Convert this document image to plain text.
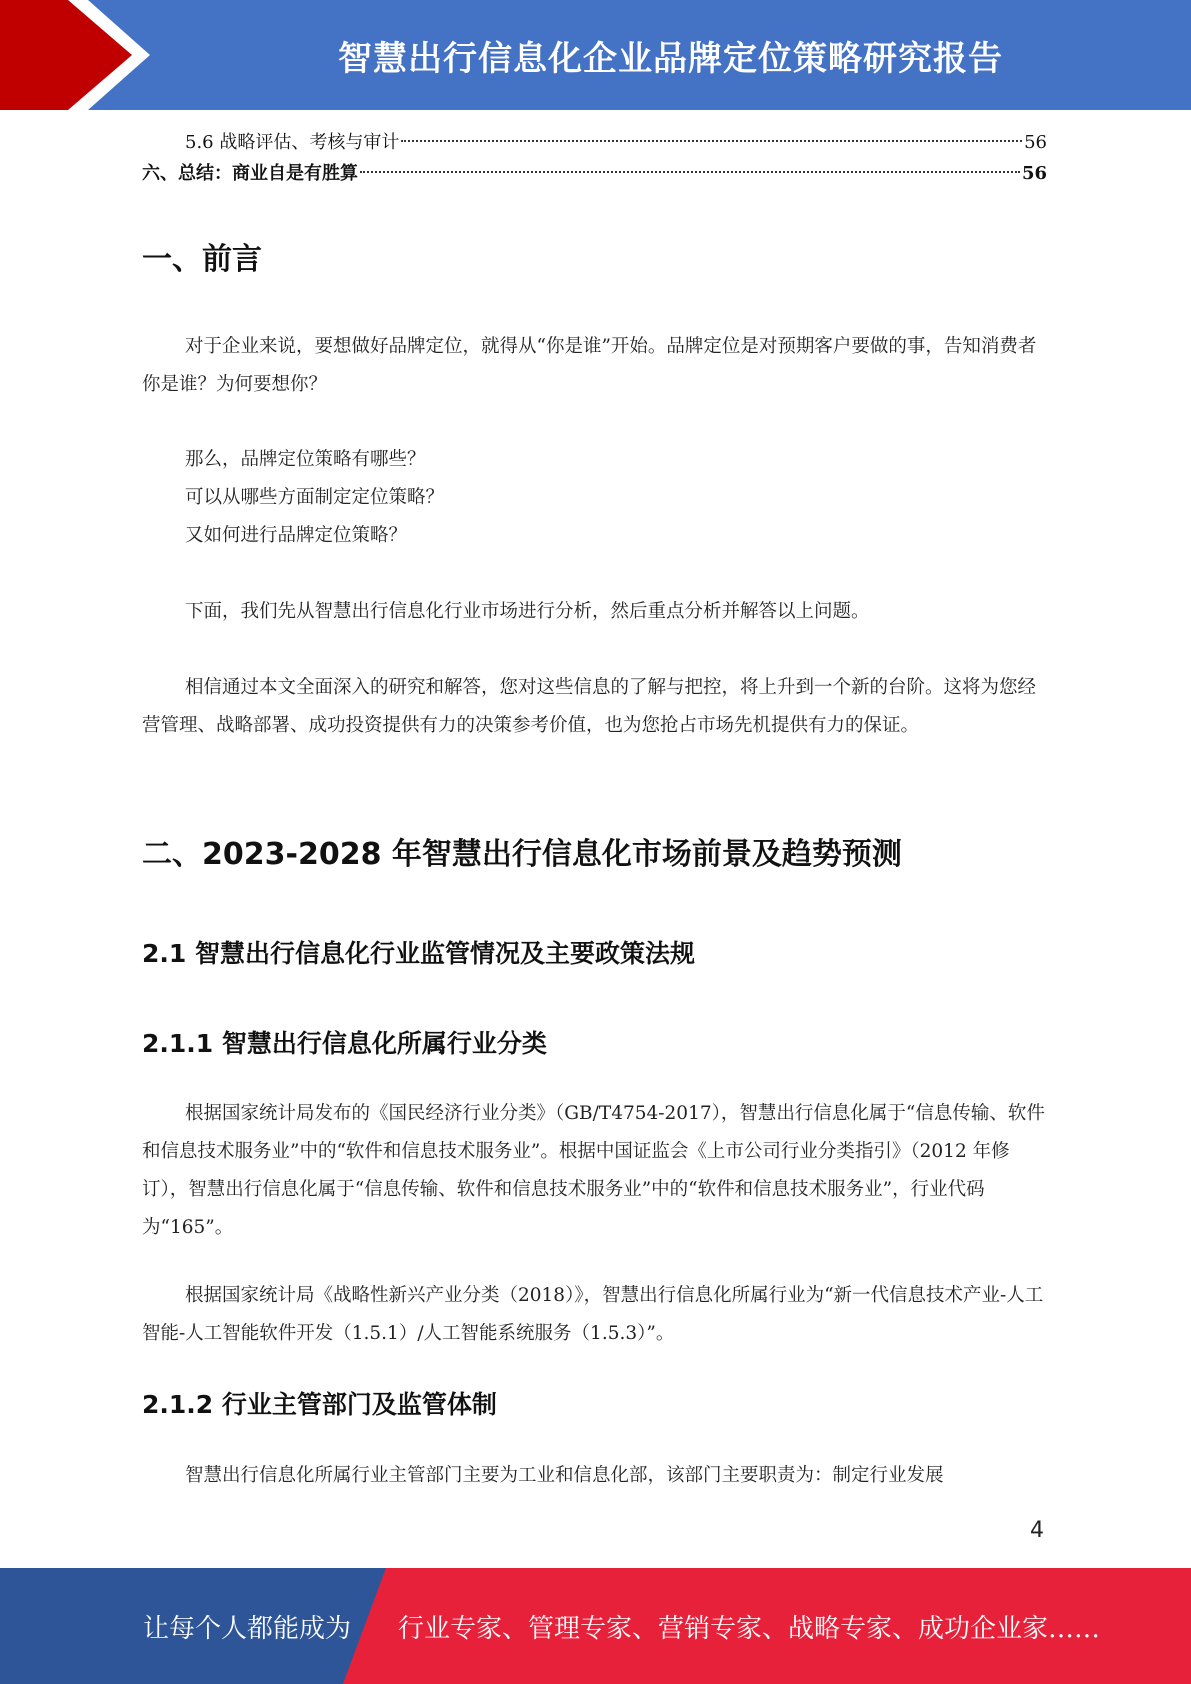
智慧出行信息化企业品牌定位策略研究报告
5.6 战略评估、考核与审计	56
六、总结：商业自是有胜算	56
一、前言

对于企业来说，要想做好品牌定位，就得从“你是谁”开始。品牌定位是对预期客户要做的事，告知消费者你是谁？为何要想你？

那么，品牌定位策略有哪些？
可以从哪些方面制定定位策略？
又如何进行品牌定位策略？

下面，我们先从智慧出行信息化行业市场进行分析，然后重点分析并解答以上问题。

相信通过本文全面深入的研究和解答，您对这些信息的了解与把控，将上升到一个新的台阶。这将为您经营管理、战略部署、成功投资提供有力的决策参考价值，也为您抢占市场先机提供有力的保证。

二、2023-2028 年智慧出行信息化市场前景及趋势预测
2.1 智慧出行信息化行业监管情况及主要政策法规
2.1.1 智慧出行信息化所属行业分类

根据国家统计局发布的《国民经济行业分类》（GB/T4754-2017），智慧出行信息化属于“信息传输、软件和信息技术服务业”中的“软件和信息技术服务业”。根据中国证监会《上市公司行业分类指引》（2012 年修订），智慧出行信息化属于“信息传输、软件和信息技术服务业”中的“软件和信息技术服务业”，行业代码为“165”。

根据国家统计局《战略性新兴产业分类（2018）》，智慧出行信息化所属行业为“新一代信息技术产业-人工智能-人工智能软件开发（1.5.1）/人工智能系统服务（1.5.3）”。

2.1.2 行业主管部门及监管体制

智慧出行信息化所属行业主管部门主要为工业和信息化部，该部门主要职责为：制定行业发展

4
让每个人都能成为 行业专家、管理专家、营销专家、战略专家、成功企业家……
